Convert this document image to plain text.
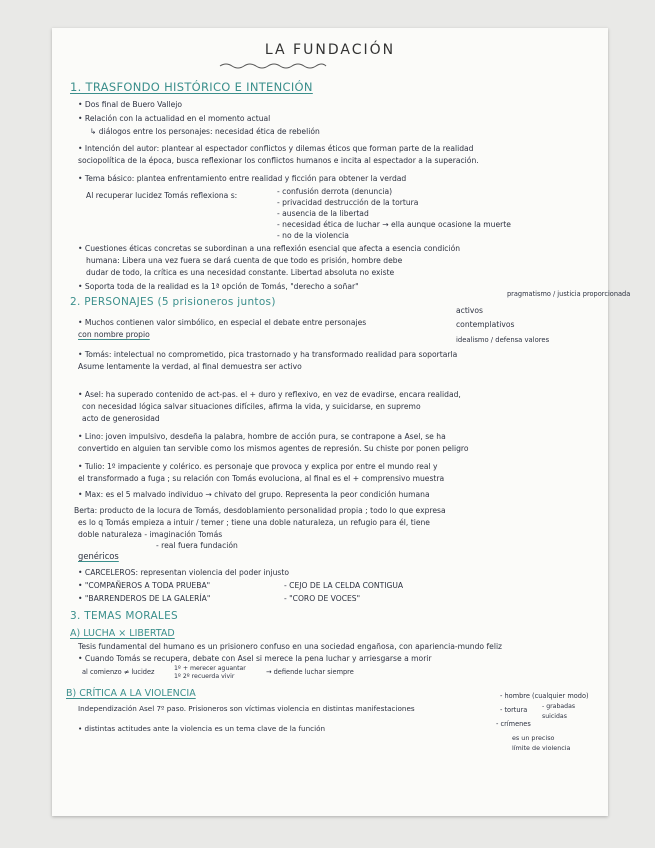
LA FUNDACIÓN
1. TRASFONDO HISTÓRICO E INTENCIÓN
• Dos final de Buero Vallejo
• Relación con la actualidad en el momento actual
↳ diálogos entre los personajes: necesidad ética de rebelión
• Intención del autor: plantear al espectador conflictos y dilemas éticos que forman parte de la realidad
sociopolítica de la época, busca reflexionar los conflictos humanos e incita al espectador a la superación.
• Tema básico: plantea enfrentamiento entre realidad y ficción para obtener la verdad
Al recuperar lucidez Tomás reflexiona s:	- confusión derrota (denuncia)
- privacidad destrucción de la tortura
- ausencia de la libertad
- necesidad ética de luchar → ella aunque ocasione la muerte
- no de la violencia
• Cuestiones éticas concretas se subordinan a una reflexión esencial que afecta a esencia condición
humana: Libera una vez fuera se dará cuenta de que todo es prisión, hombre debe
dudar de todo, la crítica es una necesidad constante. Libertad absoluta no existe
• Soporta toda de la realidad es la 1ª opción de Tomás, "derecho a soñar"
2. PERSONAJES (5 prisioneros juntos)
pragmatismo / justicia proporcionada
activos
contemplativos
idealismo / defensa valores
• Muchos contienen valor simbólico, en especial el debate entre personajes
con nombre propio
• Tomás: intelectual no comprometido, pica trastornado y ha transformado realidad para soportarla
Asume lentamente la verdad, al final demuestra ser activo
• Asel: ha superado contenido de act-pas. el + duro y reflexivo, en vez de evadirse, encara realidad,
con necesidad lógica salvar situaciones difíciles, afirma la vida, y suicidarse, en supremo
acto de generosidad
• Lino: joven impulsivo, desdeña la palabra, hombre de acción pura, se contrapone a Asel, se ha
convertido en alguien tan servible como los mismos agentes de represión. Su chiste por ponen peligro
• Tulio: 1º impaciente y colérico. es personaje que provoca y explica por entre el mundo real y
el transformado a fuga ; su relación con Tomás evoluciona, al final es el + comprensivo muestra
• Max: es el 5 malvado individuo → chivato del grupo. Representa la peor condición humana
Berta: producto de la locura de Tomás, desdoblamiento personalidad propia ; todo lo que expresa
es lo q Tomás empieza a intuir / temer ; tiene una doble naturaleza, un refugio para él, tiene
doble naturaleza - imaginación Tomás
- real fuera fundación
genéricos
• CARCELEROS: representan violencia del poder injusto
• "COMPAÑEROS A TODA PRUEBA"
• "BARRENDEROS DE LA GALERÍA"
- CEJO DE LA CELDA CONTIGUA
- "CORO DE VOCES"
3. TEMAS MORALES
A) LUCHA × LIBERTAD
Tesis fundamental del humano es un prisionero confuso en una sociedad engañosa, con apariencia-mundo feliz
• Cuando Tomás se recupera, debate con Asel si merece la pena luchar y arriesgarse a morir
al comienzo ≠ lucidez	1º + merecer aguantar
1º 2º recuerda vivir
→ defiende luchar siempre
B) CRÍTICA A LA VIOLENCIA
Independización Asel 7º paso. Prisioneros son víctimas violencia en distintas manifestaciones
• distintas actitudes ante la violencia es un tema clave de la función
- hombre (cualquier modo)
- tortura - grabadas
suicidas
- crímenes
es un preciso
límite de violencia
